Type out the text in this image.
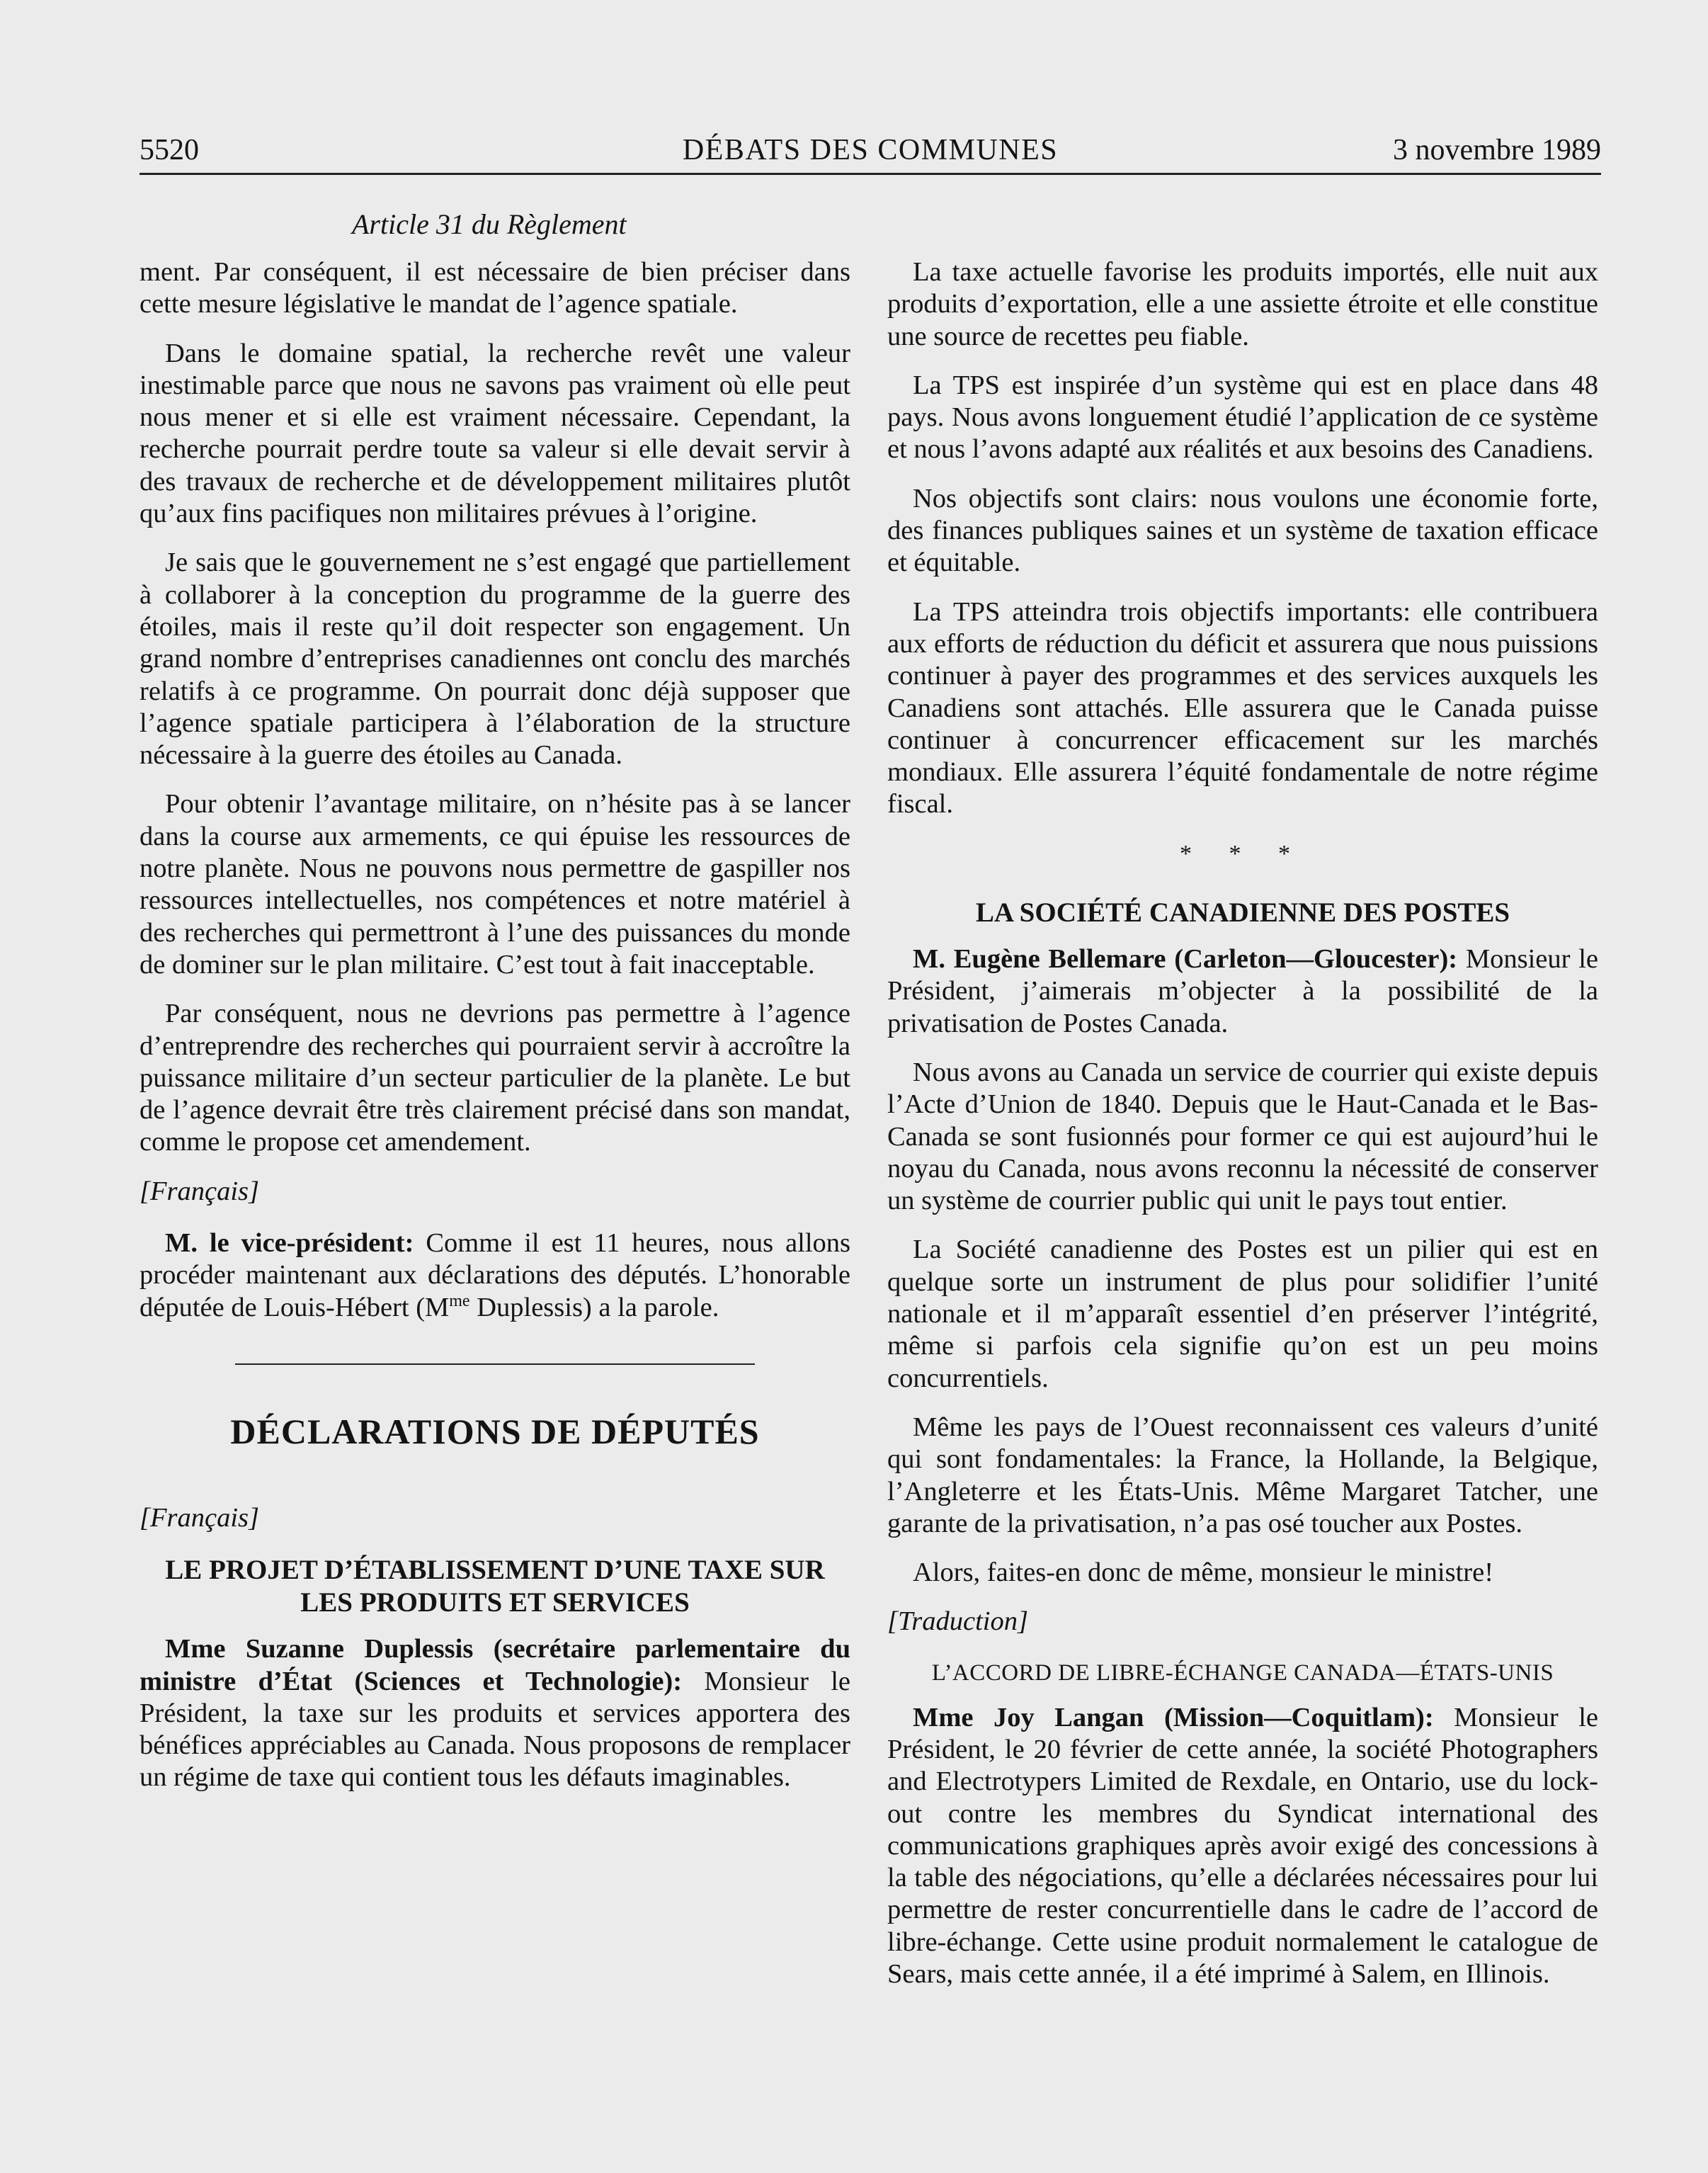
5520	DÉBATS DES COMMUNES	3 novembre 1989
Article 31 du Règlement

ment. Par conséquent, il est nécessaire de bien préciser dans cette mesure législative le mandat de l’agence spatiale.

Dans le domaine spatial, la recherche revêt une valeur inestimable parce que nous ne savons pas vraiment où elle peut nous mener et si elle est vraiment nécessaire. Cependant, la recherche pourrait perdre toute sa valeur si elle devait servir à des travaux de recherche et de développement militaires plutôt qu’aux fins pacifiques non militaires prévues à l’origine.

Je sais que le gouvernement ne s’est engagé que partiellement à collaborer à la conception du programme de la guerre des étoiles, mais il reste qu’il doit respecter son engagement. Un grand nombre d’entreprises canadiennes ont conclu des marchés relatifs à ce programme. On pourrait donc déjà supposer que l’agence spatiale participera à l’élaboration de la structure nécessaire à la guerre des étoiles au Canada.

Pour obtenir l’avantage militaire, on n’hésite pas à se lancer dans la course aux armements, ce qui épuise les ressources de notre planète. Nous ne pouvons nous permettre de gaspiller nos ressources intellectuelles, nos compétences et notre matériel à des recherches qui permettront à l’une des puissances du monde de dominer sur le plan militaire. C’est tout à fait inacceptable.

Par conséquent, nous ne devrions pas permettre à l’agence d’entreprendre des recherches qui pourraient servir à accroître la puissance militaire d’un secteur particulier de la planète. Le but de l’agence devrait être très clairement précisé dans son mandat, comme le propose cet amendement.

[Français]

M. le vice-président: Comme il est 11 heures, nous allons procéder maintenant aux déclarations des députés. L’honorable députée de Louis-Hébert ($M^{me}$ Duplessis) a la parole.

DÉCLARATIONS DE DÉPUTÉS

[Français]

LE PROJET D’ÉTABLISSEMENT D’UNE TAXE SUR LES PRODUITS ET SERVICES

Mme Suzanne Duplessis (secrétaire parlementaire du ministre d’État (Sciences et Technologie): Monsieur le Président, la taxe sur les produits et services apportera des bénéfices appréciables au Canada. Nous proposons de remplacer un régime de taxe qui contient tous les défauts imaginables.

La taxe actuelle favorise les produits importés, elle nuit aux produits d’exportation, elle a une assiette étroite et elle constitue une source de recettes peu fiable.

La TPS est inspirée d’un système qui est en place dans 48 pays. Nous avons longuement étudié l’application de ce système et nous l’avons adapté aux réalités et aux besoins des Canadiens.

Nos objectifs sont clairs: nous voulons une économie forte, des finances publiques saines et un système de taxation efficace et équitable.

La TPS atteindra trois objectifs importants: elle contribuera aux efforts de réduction du déficit et assurera que nous puissions continuer à payer des programmes et des services auxquels les Canadiens sont attachés. Elle assurera que le Canada puisse continuer à concurrencer efficacement sur les marchés mondiaux. Elle assurera l’équité fondamentale de notre régime fiscal.

* * *
LA SOCIÉTÉ CANADIENNE DES POSTES

M. Eugène Bellemare (Carleton—Gloucester): Monsieur le Président, j’aimerais m’objecter à la possibilité de la privatisation de Postes Canada.

Nous avons au Canada un service de courrier qui existe depuis l’Acte d’Union de 1840. Depuis que le Haut-Canada et le Bas-Canada se sont fusionnés pour former ce qui est aujourd’hui le noyau du Canada, nous avons reconnu la nécessité de conserver un système de courrier public qui unit le pays tout entier.

La Société canadienne des Postes est un pilier qui est en quelque sorte un instrument de plus pour solidifier l’unité nationale et il m’apparaît essentiel d’en préserver l’intégrité, même si parfois cela signifie qu’on est un peu moins concurrentiels.

Même les pays de l’Ouest reconnaissent ces valeurs d’unité qui sont fondamentales: la France, la Hollande, la Belgique, l’Angleterre et les États-Unis. Même Margaret Tatcher, une garante de la privatisation, n’a pas osé toucher aux Postes.

Alors, faites-en donc de même, monsieur le ministre!

[Traduction]

L’ACCORD DE LIBRE-ÉCHANGE CANADA—ÉTATS-UNIS

Mme Joy Langan (Mission—Coquitlam): Monsieur le Président, le 20 février de cette année, la société Photographers and Electrotypers Limited de Rexdale, en Ontario, use du lock-out contre les membres du Syndicat international des communications graphiques après avoir exigé des concessions à la table des négociations, qu’elle a déclarées nécessaires pour lui permettre de rester concurrentielle dans le cadre de l’accord de libre-échange. Cette usine produit normalement le catalogue de Sears, mais cette année, il a été imprimé à Salem, en Illinois.
